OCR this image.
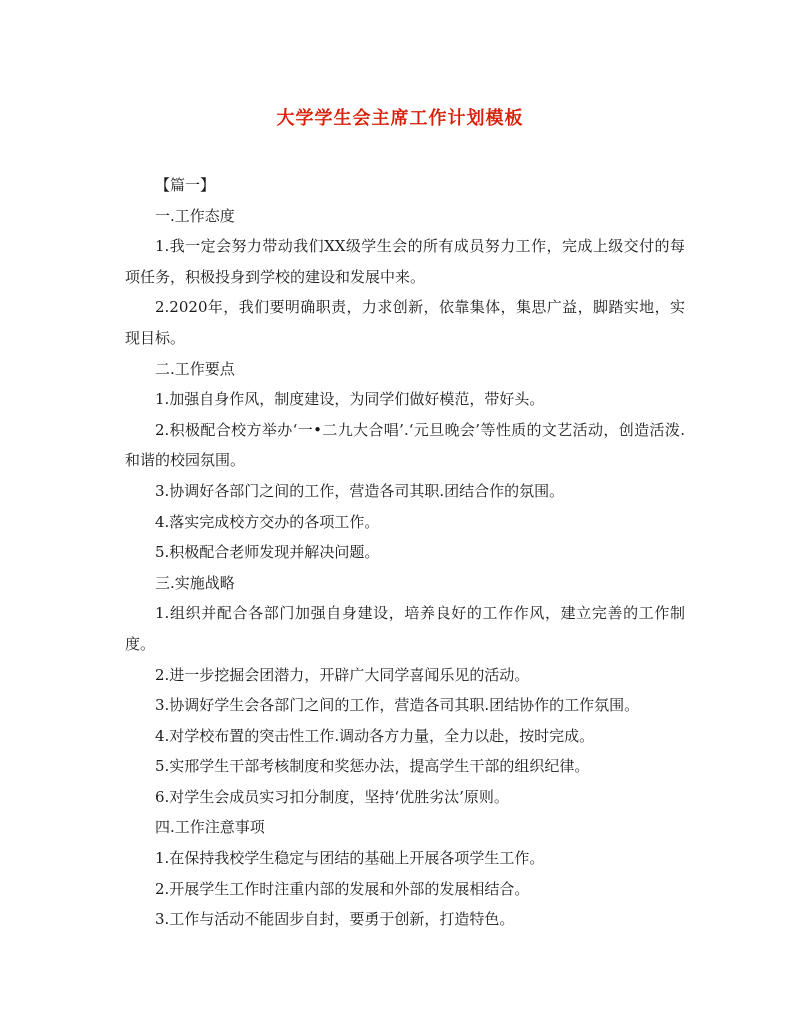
大学学生会主席工作计划模板

【篇一】

一.工作态度

1.我一定会努力带动我们XX级学生会的所有成员努力工作，完成上级交付的每项任务，积极投身到学校的建设和发展中来。

2.2020年，我们要明确职责，力求创新，依靠集体，集思广益，脚踏实地，实现目标。

二.工作要点

1.加强自身作风，制度建设，为同学们做好模范，带好头。

2.积极配合校方举办‘一•二九大合唱’.‘元旦晚会’等性质的文艺活动，创造活泼.和谐的校园氛围。

3.协调好各部门之间的工作，营造各司其职.团结合作的氛围。

4.落实完成校方交办的各项工作。

5.积极配合老师发现并解决问题。

三.实施战略

1.组织并配合各部门加强自身建设，培养良好的工作作风，建立完善的工作制度。

2.进一步挖掘会团潜力，开辟广大同学喜闻乐见的活动。

3.协调好学生会各部门之间的工作，营造各司其职.团结协作的工作氛围。

4.对学校布置的突击性工作.调动各方力量，全力以赴，按时完成。

5.实邢学生干部考核制度和奖惩办法，提高学生干部的组织纪律。

6.对学生会成员实习扣分制度，坚持‘优胜劣汰’原则。

四.工作注意事项

1.在保持我校学生稳定与团结的基础上开展各项学生工作。

2.开展学生工作时注重内部的发展和外部的发展相结合。

3.工作与活动不能固步自封，要勇于创新，打造特色。
